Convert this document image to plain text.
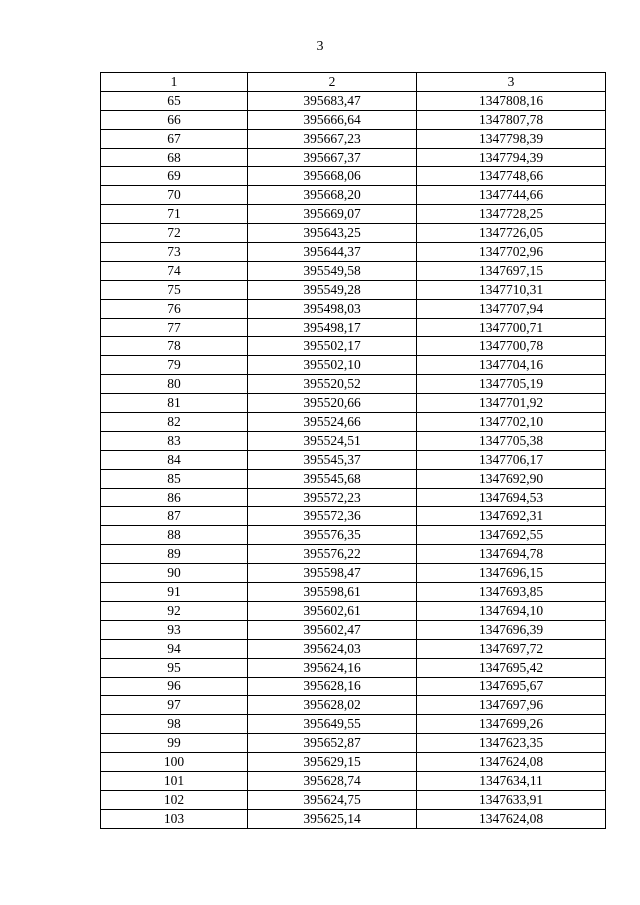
3
1	2	3
65	395683,47	1347808,16
66	395666,64	1347807,78
67	395667,23	1347798,39
68	395667,37	1347794,39
69	395668,06	1347748,66
70	395668,20	1347744,66
71	395669,07	1347728,25
72	395643,25	1347726,05
73	395644,37	1347702,96
74	395549,58	1347697,15
75	395549,28	1347710,31
76	395498,03	1347707,94
77	395498,17	1347700,71
78	395502,17	1347700,78
79	395502,10	1347704,16
80	395520,52	1347705,19
81	395520,66	1347701,92
82	395524,66	1347702,10
83	395524,51	1347705,38
84	395545,37	1347706,17
85	395545,68	1347692,90
86	395572,23	1347694,53
87	395572,36	1347692,31
88	395576,35	1347692,55
89	395576,22	1347694,78
90	395598,47	1347696,15
91	395598,61	1347693,85
92	395602,61	1347694,10
93	395602,47	1347696,39
94	395624,03	1347697,72
95	395624,16	1347695,42
96	395628,16	1347695,67
97	395628,02	1347697,96
98	395649,55	1347699,26
99	395652,87	1347623,35
100	395629,15	1347624,08
101	395628,74	1347634,11
102	395624,75	1347633,91
103	395625,14	1347624,08
